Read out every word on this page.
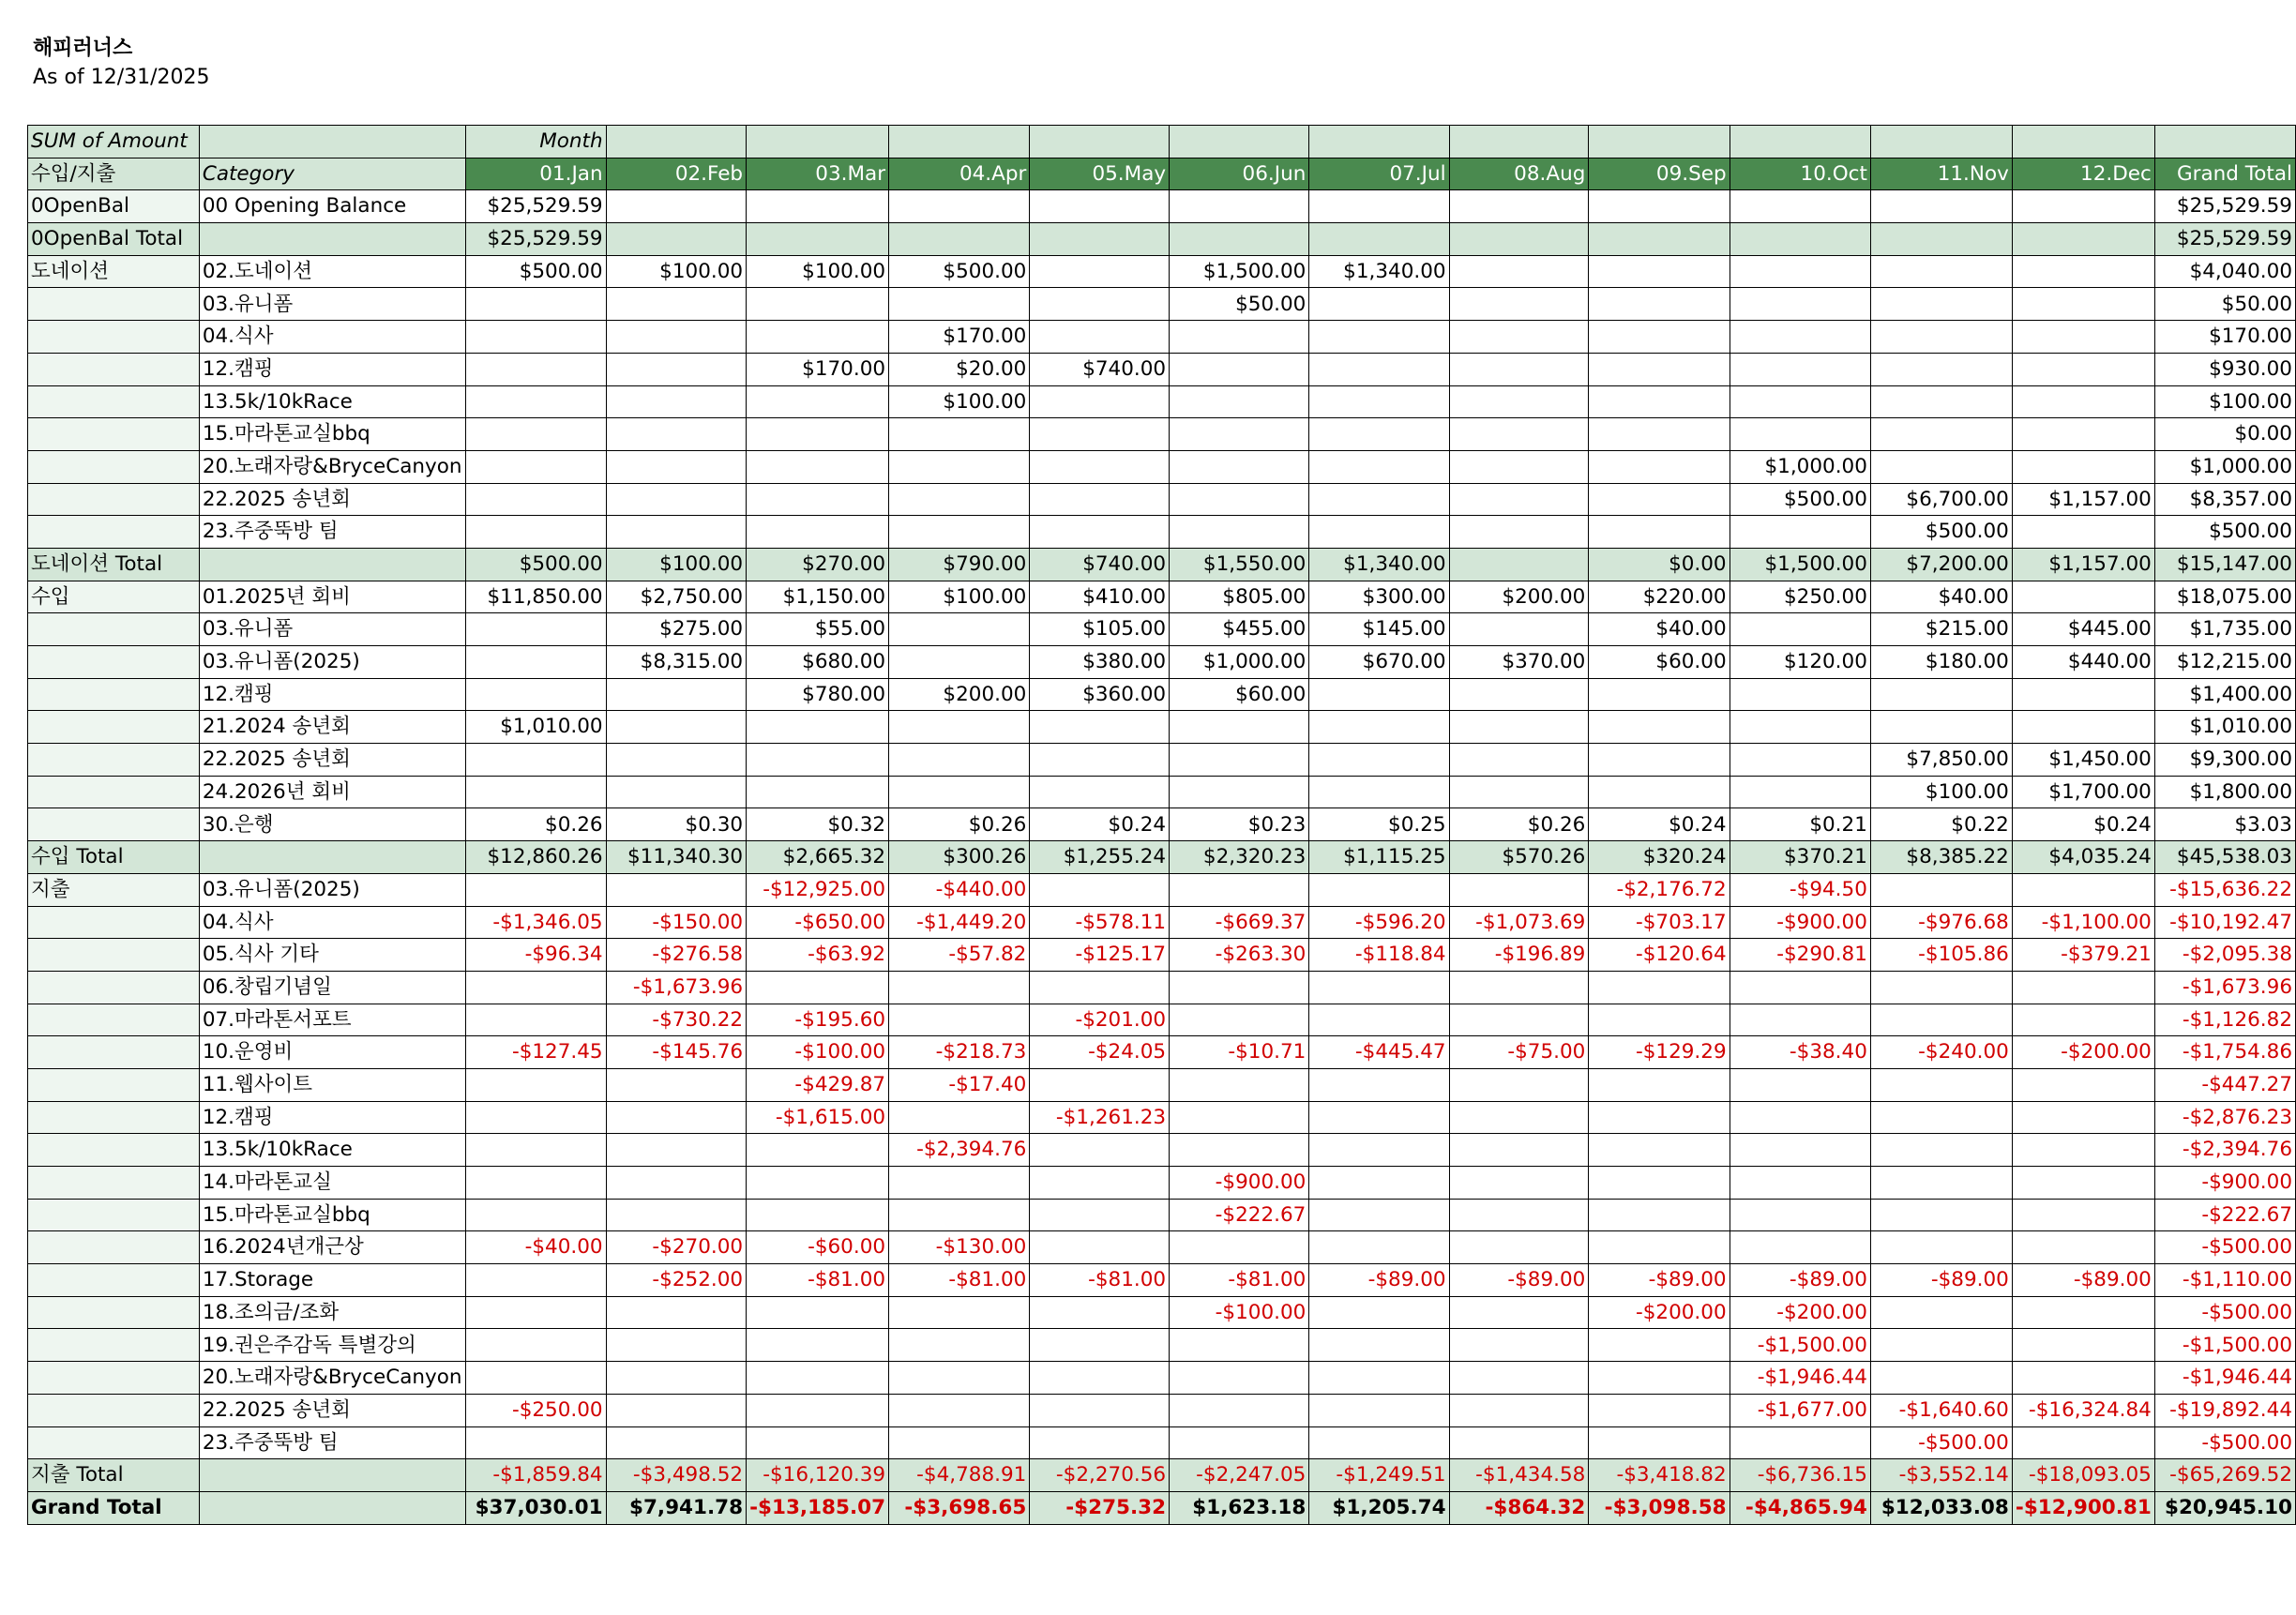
해피러너스
As of 12/31/2025
SUM of Amount		Month												
수입/지출	Category	01.Jan	02.Feb	03.Mar	04.Apr	05.May	06.Jun	07.Jul	08.Aug	09.Sep	10.Oct	11.Nov	12.Dec	Grand Total
0OpenBal	00 Opening Balance	$25,529.59												$25,529.59
0OpenBal Total		$25,529.59												$25,529.59
도네이션	02.도네이션	$500.00	$100.00	$100.00	$500.00		$1,500.00	$1,340.00						$4,040.00
	03.유니폼						$50.00							$50.00
	04.식사				$170.00									$170.00
	12.캠핑			$170.00	$20.00	$740.00								$930.00
	13.5k/10kRace				$100.00									$100.00
	15.마라톤교실bbq													$0.00
	20.노래자랑&BryceCanyon										$1,000.00			$1,000.00
	22.2025 송년회										$500.00	$6,700.00	$1,157.00	$8,357.00
	23.주중뚝방 팀											$500.00		$500.00
도네이션 Total		$500.00	$100.00	$270.00	$790.00	$740.00	$1,550.00	$1,340.00		$0.00	$1,500.00	$7,200.00	$1,157.00	$15,147.00
수입	01.2025년 회비	$11,850.00	$2,750.00	$1,150.00	$100.00	$410.00	$805.00	$300.00	$200.00	$220.00	$250.00	$40.00		$18,075.00
	03.유니폼		$275.00	$55.00		$105.00	$455.00	$145.00		$40.00		$215.00	$445.00	$1,735.00
	03.유니폼(2025)		$8,315.00	$680.00		$380.00	$1,000.00	$670.00	$370.00	$60.00	$120.00	$180.00	$440.00	$12,215.00
	12.캠핑			$780.00	$200.00	$360.00	$60.00							$1,400.00
	21.2024 송년회	$1,010.00												$1,010.00
	22.2025 송년회											$7,850.00	$1,450.00	$9,300.00
	24.2026년 회비											$100.00	$1,700.00	$1,800.00
	30.은행	$0.26	$0.30	$0.32	$0.26	$0.24	$0.23	$0.25	$0.26	$0.24	$0.21	$0.22	$0.24	$3.03
수입 Total		$12,860.26	$11,340.30	$2,665.32	$300.26	$1,255.24	$2,320.23	$1,115.25	$570.26	$320.24	$370.21	$8,385.22	$4,035.24	$45,538.03
지출	03.유니폼(2025)			-$12,925.00	-$440.00					-$2,176.72	-$94.50			-$15,636.22
	04.식사	-$1,346.05	-$150.00	-$650.00	-$1,449.20	-$578.11	-$669.37	-$596.20	-$1,073.69	-$703.17	-$900.00	-$976.68	-$1,100.00	-$10,192.47
	05.식사 기타	-$96.34	-$276.58	-$63.92	-$57.82	-$125.17	-$263.30	-$118.84	-$196.89	-$120.64	-$290.81	-$105.86	-$379.21	-$2,095.38
	06.창립기념일		-$1,673.96											-$1,673.96
	07.마라톤서포트		-$730.22	-$195.60		-$201.00								-$1,126.82
	10.운영비	-$127.45	-$145.76	-$100.00	-$218.73	-$24.05	-$10.71	-$445.47	-$75.00	-$129.29	-$38.40	-$240.00	-$200.00	-$1,754.86
	11.웹사이트			-$429.87	-$17.40									-$447.27
	12.캠핑			-$1,615.00		-$1,261.23								-$2,876.23
	13.5k/10kRace				-$2,394.76									-$2,394.76
	14.마라톤교실						-$900.00							-$900.00
	15.마라톤교실bbq						-$222.67							-$222.67
	16.2024년개근상	-$40.00	-$270.00	-$60.00	-$130.00									-$500.00
	17.Storage		-$252.00	-$81.00	-$81.00	-$81.00	-$81.00	-$89.00	-$89.00	-$89.00	-$89.00	-$89.00	-$89.00	-$1,110.00
	18.조의금/조화						-$100.00			-$200.00	-$200.00			-$500.00
	19.권은주감독 특별강의										-$1,500.00			-$1,500.00
	20.노래자랑&BryceCanyon										-$1,946.44			-$1,946.44
	22.2025 송년회	-$250.00									-$1,677.00	-$1,640.60	-$16,324.84	-$19,892.44
	23.주중뚝방 팀											-$500.00		-$500.00
지출 Total		-$1,859.84	-$3,498.52	-$16,120.39	-$4,788.91	-$2,270.56	-$2,247.05	-$1,249.51	-$1,434.58	-$3,418.82	-$6,736.15	-$3,552.14	-$18,093.05	-$65,269.52
Grand Total		$37,030.01	$7,941.78	-$13,185.07	-$3,698.65	-$275.32	$1,623.18	$1,205.74	-$864.32	-$3,098.58	-$4,865.94	$12,033.08	-$12,900.81	$20,945.10
